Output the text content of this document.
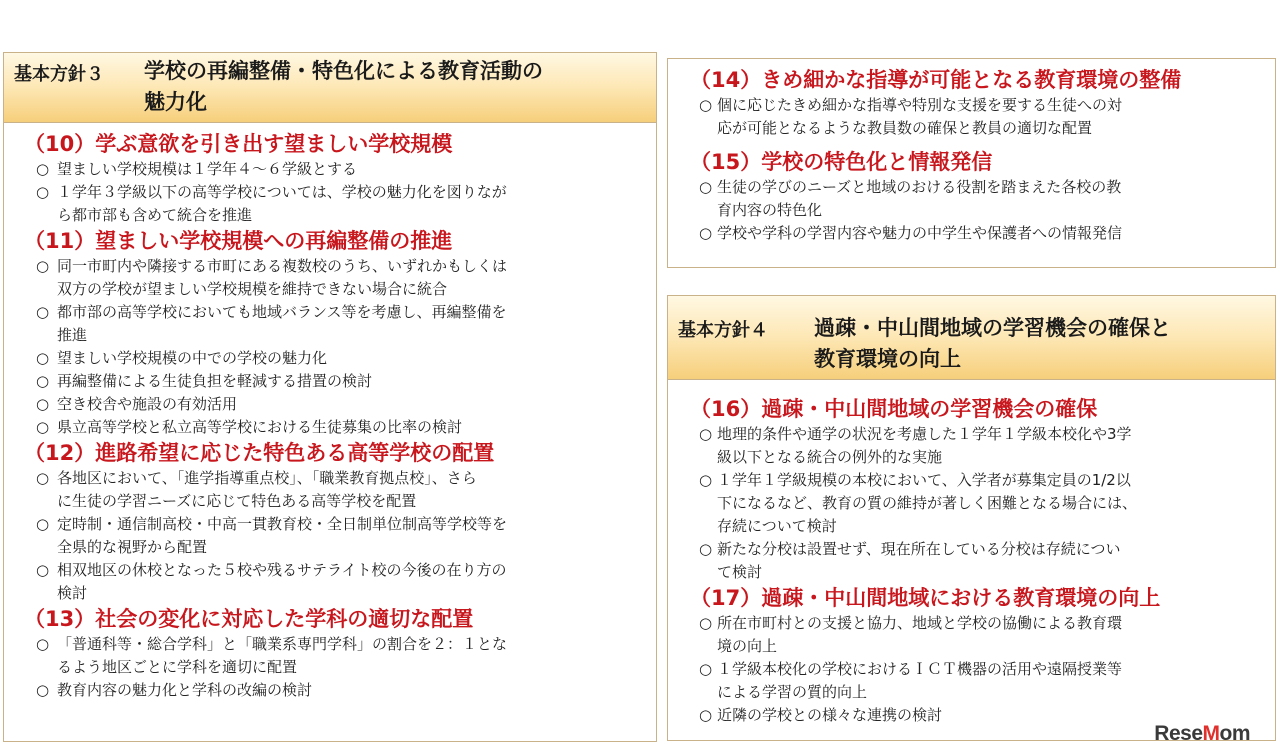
基本方針３ 学校の再編整備・特色化による教育活動の
魅力化
（10）学ぶ意欲を引き出す望ましい学校規模
○ 望ましい学校規模は１学年４～６学級とする
○ １学年３学級以下の高等学校については、学校の魅力化を図りなが
ら都市部も含めて統合を推進
（11）望ましい学校規模への再編整備の推進
○ 同一市町内や隣接する市町にある複数校のうち、いずれかもしくは
双方の学校が望ましい学校規模を維持できない場合に統合
○ 都市部の高等学校においても地域バランス等を考慮し、再編整備を
推進
○ 望ましい学校規模の中での学校の魅力化
○ 再編整備による生徒負担を軽減する措置の検討
○ 空き校舎や施設の有効活用
○ 県立高等学校と私立高等学校における生徒募集の比率の検討
（12）進路希望に応じた特色ある高等学校の配置
○ 各地区において、「進学指導重点校」、「職業教育拠点校」、さら
に生徒の学習ニーズに応じて特色ある高等学校を配置
○ 定時制・通信制高校・中高一貫教育校・全日制単位制高等学校等を
全県的な視野から配置
○ 相双地区の休校となった５校や残るサテライト校の今後の在り方の
検討
（13）社会の変化に対応した学科の適切な配置
○ 「普通科等・総合学科」と「職業系専門学科」の割合を２：１とな
るよう地区ごとに学科を適切に配置
○ 教育内容の魅力化と学科の改編の検討
（14）きめ細かな指導が可能となる教育環境の整備
○ 個に応じたきめ細かな指導や特別な支援を要する生徒への対
応が可能となるような教員数の確保と教員の適切な配置
（15）学校の特色化と情報発信
○ 生徒の学びのニーズと地域のおける役割を踏まえた各校の教
育内容の特色化
○ 学校や学科の学習内容や魅力の中学生や保護者への情報発信
基本方針４ 過疎・中山間地域の学習機会の確保と
教育環境の向上
（16）過疎・中山間地域の学習機会の確保
○ 地理的条件や通学の状況を考慮した１学年１学級本校化や3学
級以下となる統合の例外的な実施
○ １学年１学級規模の本校において、入学者が募集定員の1/2以
下になるなど、教育の質の維持が著しく困難となる場合には、
存続について検討
○ 新たな分校は設置せず、現在所在している分校は存続につい
て検討
（17）過疎・中山間地域における教育環境の向上
○ 所在市町村との支援と協力、地域と学校の協働による教育環
境の向上
○ １学級本校化の学校におけるＩＣＴ機器の活用や遠隔授業等
による学習の質的向上
○ 近隣の学校との様々な連携の検討
ReseMom
